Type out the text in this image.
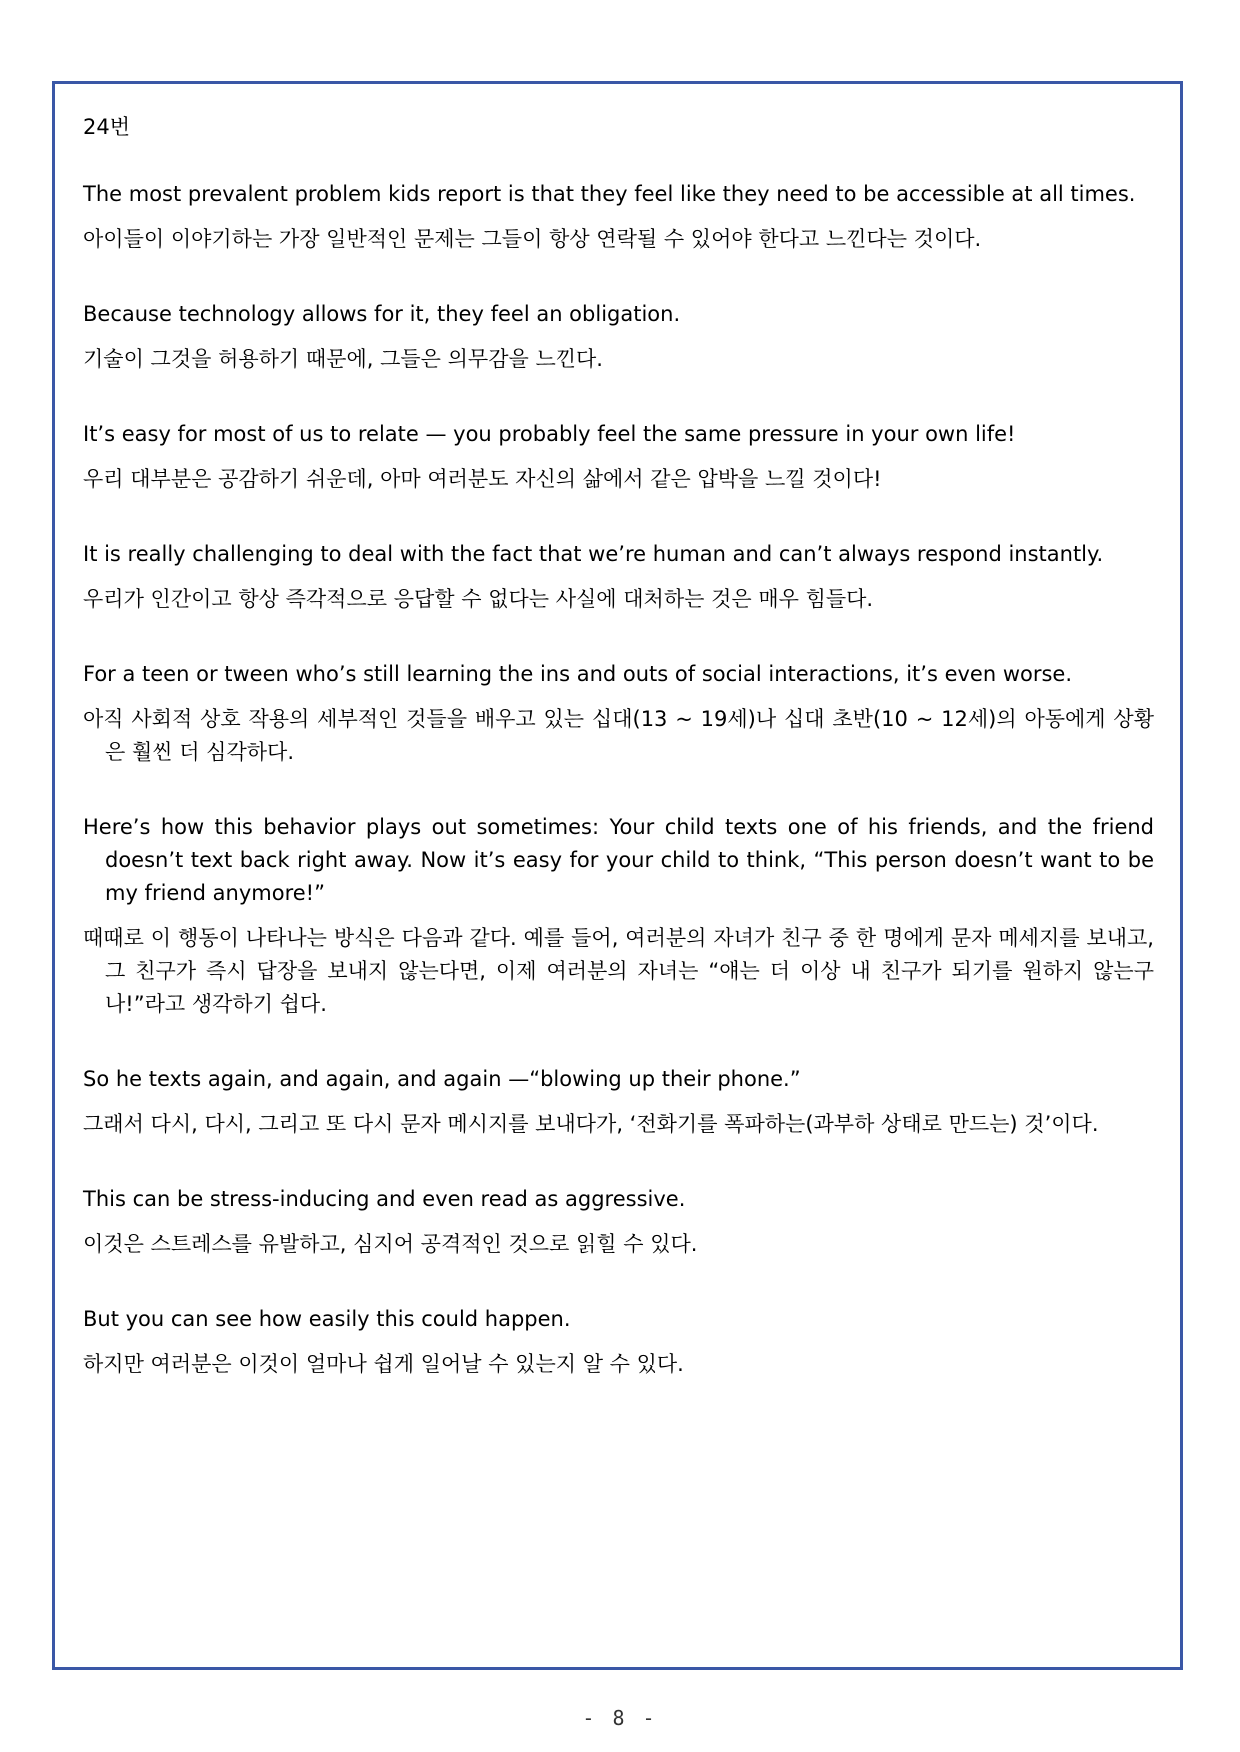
24번

The most prevalent problem kids report is that they feel like they need to be accessible at all times.

아이들이 이야기하는 가장 일반적인 문제는 그들이 항상 연락될 수 있어야 한다고 느낀다는 것이다.

Because technology allows for it, they feel an obligation.

기술이 그것을 허용하기 때문에, 그들은 의무감을 느낀다.

It’s easy for most of us to relate — you probably feel the same pressure in your own life!

우리 대부분은 공감하기 쉬운데, 아마 여러분도 자신의 삶에서 같은 압박을 느낄 것이다!

It is really challenging to deal with the fact that we’re human and can’t always respond instantly.

우리가 인간이고 항상 즉각적으로 응답할 수 없다는 사실에 대처하는 것은 매우 힘들다.

For a teen or tween who’s still learning the ins and outs of social interactions, it’s even worse.

아직 사회적 상호 작용의 세부적인 것들을 배우고 있는 십대(13 ~ 19세)나 십대 초반(10 ~ 12세)의 아동에게 상황은 훨씬 더 심각하다.

Here’s how this behavior plays out sometimes: Your child texts one of his friends, and the friend doesn’t text back right away. Now it’s easy for your child to think, “This person doesn’t want to be my friend anymore!”

때때로 이 행동이 나타나는 방식은 다음과 같다. 예를 들어, 여러분의 자녀가 친구 중 한 명에게 문자 메세지를 보내고, 그 친구가 즉시 답장을 보내지 않는다면, 이제 여러분의 자녀는 “얘는 더 이상 내 친구가 되기를 원하지 않는구나!”라고 생각하기 쉽다.

So he texts again, and again, and again —“blowing up their phone.”

그래서 다시, 다시, 그리고 또 다시 문자 메시지를 보내다가, ‘전화기를 폭파하는(과부하 상태로 만드는) 것’이다.

This can be stress-inducing and even read as aggressive.

이것은 스트레스를 유발하고, 심지어 공격적인 것으로 읽힐 수 있다.

But you can see how easily this could happen.

하지만 여러분은 이것이 얼마나 쉽게 일어날 수 있는지 알 수 있다.

- 8 -
